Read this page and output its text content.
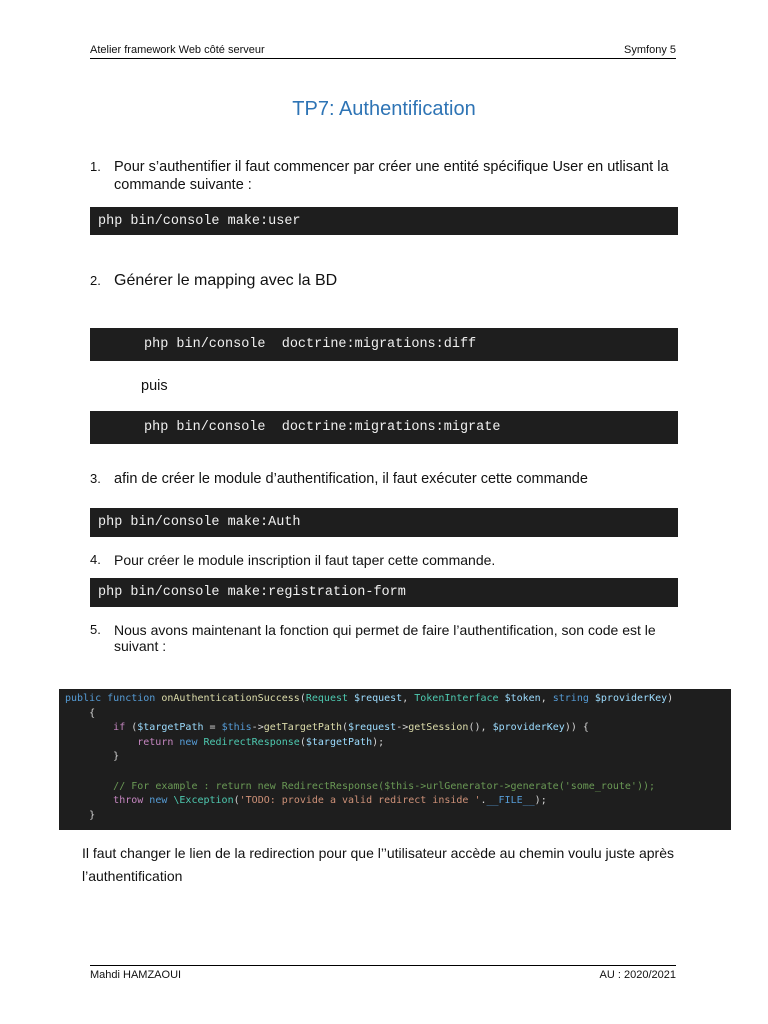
Atelier framework Web côté serveur	Symfony 5
TP7: Authentification
1. Pour s’authentifier il faut commencer par créer une entité spécifique User en utlisant la commande suivante :
php bin/console make:user
2. Générer le mapping avec la BD
php bin/console  doctrine:migrations:diff
puis
php bin/console  doctrine:migrations:migrate
3. afin de créer le module d’authentification, il faut exécuter cette commande
php bin/console make:Auth
4. Pour créer le module inscription il faut taper cette commande.
php bin/console make:registration-form
5. Nous avons maintenant la fonction qui permet de faire l’authentification, son code est le suivant :
public function onAuthenticationSuccess(Request $request, TokenInterface $token, string $providerKey)
{
if ($targetPath = $this->getTargetPath($request->getSession(), $providerKey)) {
return new RedirectResponse($targetPath);
}

// For example : return new RedirectResponse($this->urlGenerator->generate('some_route'));
throw new \Exception('TODO: provide a valid redirect inside '.__FILE__);
}
Il faut changer le lien de la redirection pour que l’’utilisateur accède au chemin voulu juste après l’authentification
Mahdi HAMZAOUI	AU : 2020/2021
